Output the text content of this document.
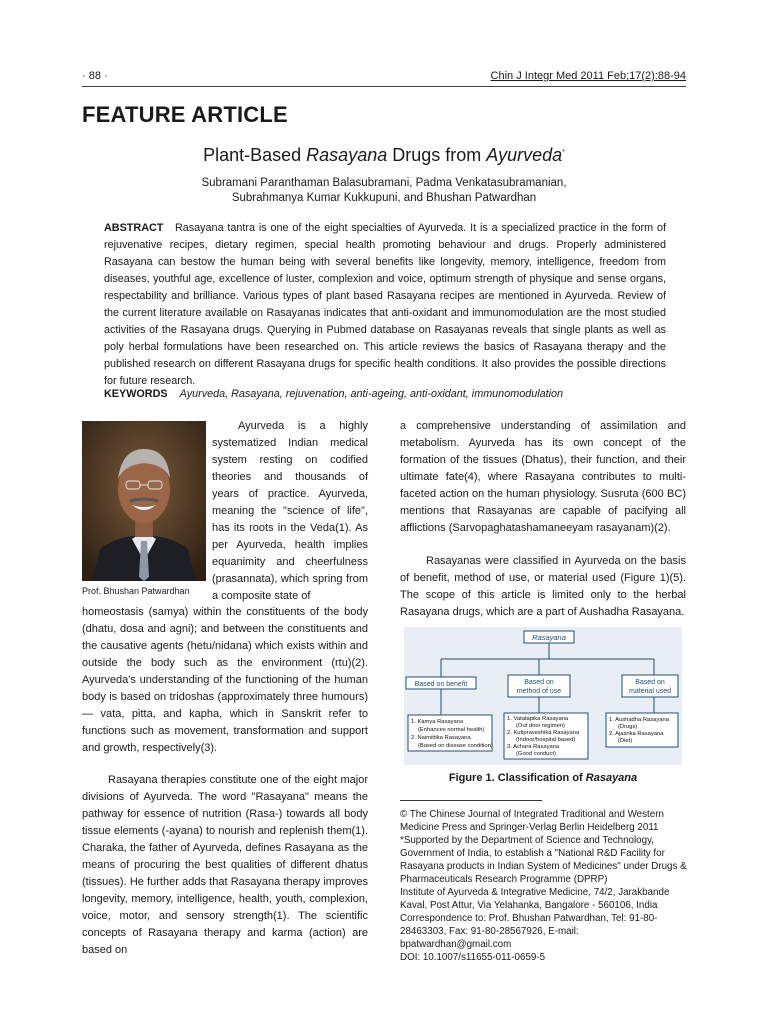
· 88 ·	Chin J Integr Med 2011 Feb;17(2):88-94
FEATURE ARTICLE
Plant-Based Rasayana Drugs from Ayurveda*
Subramani Paranthaman Balasubramani, Padma Venkatasubramanian,
Subrahmanya Kumar Kukkupuni, and Bhushan Patwardhan
ABSTRACT Rasayana tantra is one of the eight specialties of Ayurveda. It is a specialized practice in the form of rejuvenative recipes, dietary regimen, special health promoting behaviour and drugs. Properly administered Rasayana can bestow the human being with several benefits like longevity, memory, intelligence, freedom from diseases, youthful age, excellence of luster, complexion and voice, optimum strength of physique and sense organs, respectability and brilliance. Various types of plant based Rasayana recipes are mentioned in Ayurveda. Review of the current literature available on Rasayanas indicates that anti-oxidant and immunomodulation are the most studied activities of the Rasayana drugs. Querying in Pubmed database on Rasayanas reveals that single plants as well as poly herbal formulations have been researched on. This article reviews the basics of Rasayana therapy and the published research on different Rasayana drugs for specific health conditions. It also provides the possible directions for future research.
KEYWORDS Ayurveda, Rasayana, rejuvenation, anti-ageing, anti-oxidant, immunomodulation
Prof. Bhushan Patwardhan
Ayurveda is a highly systematized Indian medical system resting on codified theories and thousands of years of practice. Ayurveda, meaning the "science of life", has its roots in the Veda(1). As per Ayurveda, health implies equanimity and cheerfulness (prasannata), which spring from a composite state of
homeostasis (samya) within the constituents of the body (dhatu, dosa and agni); and between the constituents and the causative agents (hetu/nidana) which exists within and outside the body such as the environment (rtu)(2). Ayurveda's understanding of the functioning of the human body is based on tridoshas (approximately three humours) — vata, pitta, and kapha, which in Sanskrit refer to functions such as movement, transformation and support and growth, respectively(3).
Rasayana therapies constitute one of the eight major divisions of Ayurveda. The word "Rasayana" means the pathway for essence of nutrition (Rasa-) towards all body tissue elements (-ayana) to nourish and replenish them(1). Charaka, the father of Ayurveda, defines Rasayana as the means of procuring the best qualities of different dhatus (tissues). He further adds that Rasayana therapy improves longevity, memory, intelligence, health, youth, complexion, voice, motor, and sensory strength(1). The scientific concepts of Rasayana therapy and karma (action) are based on
a comprehensive understanding of assimilation and metabolism. Ayurveda has its own concept of the formation of the tissues (Dhatus), their function, and their ultimate fate(4), where Rasayana contributes to multi-faceted action on the human physiology. Susruta (600 BC) mentions that Rasayanas are capable of pacifying all afflictions (Sarvopaghatashamaneeyam rasayanam)(2).
Rasayanas were classified in Ayurveda on the basis of benefit, method of use, or material used (Figure 1)(5). The scope of this article is limited only to the herbal Rasayana drugs, which are a part of Aushadha Rasayana.
Rasayana
Based on benefit	Based on
method of use
Based on
material used
1. Kamya Rasayana
(Enhances normal health)
2. Naimittika Rasayana
(Based on disease condition)
1. Vatatapika Rasayana
(Out door regimen)
2. Kutipraveshika Rasayana
(Indoor/hospital based)
3. Achara Rasayana
(Good conduct)
1. Aushadha Rasayana
(Drugs)
2. Ajasrika Rasayana
(Diet)
Figure 1. Classification of Rasayana
© The Chinese Journal of Integrated Traditional and Western Medicine Press and Springer-Verlag Berlin Heidelberg 2011
*Supported by the Department of Science and Technology, Government of India, to establish a "National R&D Facility for Rasayana products in Indian System of Medicines" under Drugs & Pharmaceuticals Research Programme (DPRP)
Institute of Ayurveda & Integrative Medicine, 74/2, Jarakbande Kaval, Post Attur, Via Yelahanka, Bangalore - 560106, India
Correspondence to: Prof. Bhushan Patwardhan, Tel: 91-80-28463303, Fax: 91-80-28567926, E-mail: bpatwardhan@gmail.com
DOI: 10.1007/s11655-011-0659-5
